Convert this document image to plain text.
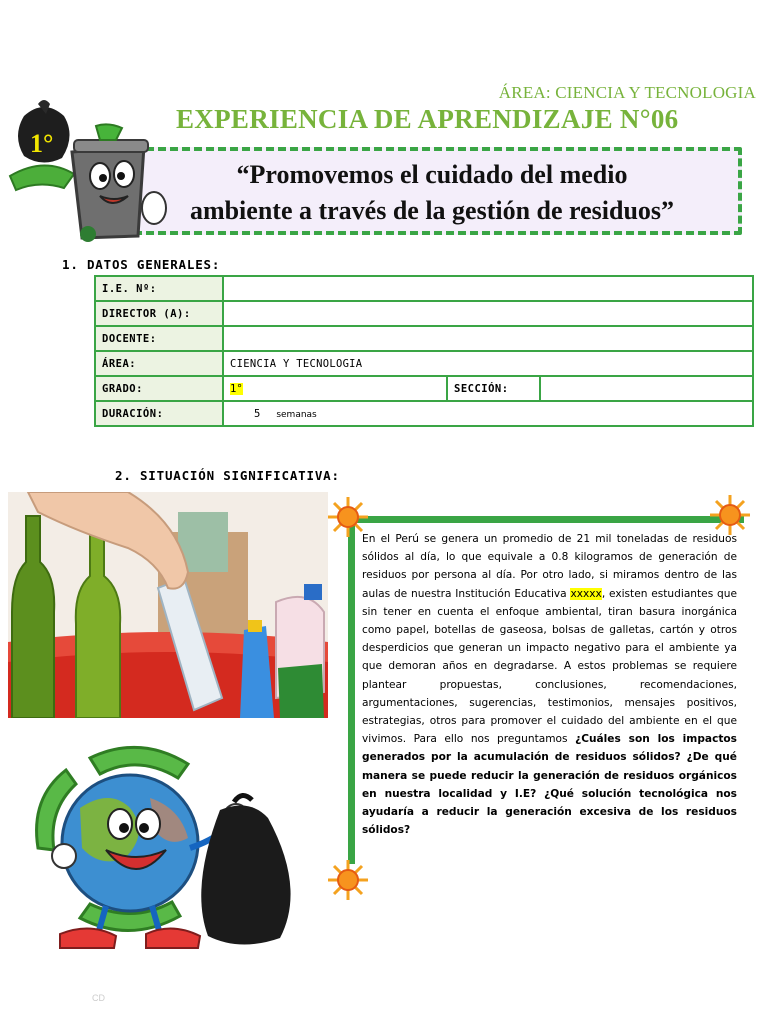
ÁREA: CIENCIA Y TECNOLOGIA
EXPERIENCIA DE APRENDIZAJE N°06
“Promovemos el cuidado del medio
ambiente a través de la gestión de residuos”
1°
1. DATOS GENERALES:
I.E. Nº:			
DIRECTOR (A):			
DOCENTE:			
ÁREA:	CIENCIA Y TECNOLOGIA		
GRADO:	1°	SECCIÓN:	
DURACIÓN:	5 semanas		
2. SITUACIÓN SIGNIFICATIVA:
En el Perú se genera un promedio de 21 mil toneladas de residuos sólidos al día, lo que equivale a 0.8 kilogramos de generación de residuos por persona al día. Por otro lado, si miramos dentro de las aulas de nuestra Institución Educativa xxxxx, existen estudiantes que sin tener en cuenta el enfoque ambiental, tiran basura inorgánica como papel, botellas de gaseosa, bolsas de galletas, cartón y otros desperdicios que generan un impacto negativo para el ambiente ya que demoran años en degradarse. A estos problemas se requiere plantear propuestas, conclusiones, recomendaciones, argumentaciones, sugerencias, testimonios, mensajes positivos, estrategias, otros para promover el cuidado del ambiente en el que vivimos. Para ello nos preguntamos ¿Cuáles son los impactos generados por la acumulación de residuos sólidos? ¿De qué manera se puede reducir la generación de residuos orgánicos en nuestra localidad y I.E? ¿Qué solución tecnológica nos ayudaría a reducir la generación excesiva de los residuos sólidos?
CD
